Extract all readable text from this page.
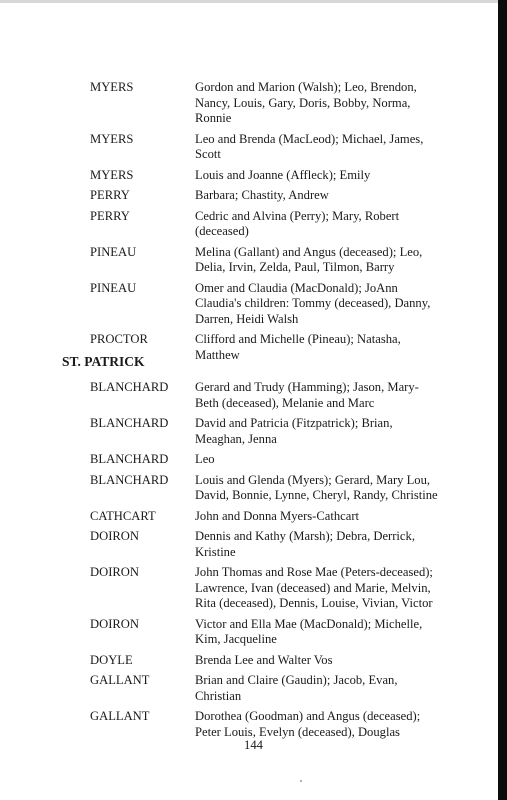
MYERS	Gordon and Marion (Walsh); Leo, Brendon,
Nancy, Louis, Gary, Doris, Bobby, Norma,
Ronnie
MYERS	Leo and Brenda (MacLeod); Michael, James,
Scott
MYERS	Louis and Joanne (Affleck); Emily
PERRY	Barbara; Chastity, Andrew
PERRY	Cedric and Alvina (Perry); Mary, Robert
(deceased)
PINEAU	Melina (Gallant) and Angus (deceased); Leo,
Delia, Irvin, Zelda, Paul, Tilmon, Barry
PINEAU	Omer and Claudia (MacDonald); JoAnn
Claudia's children: Tommy (deceased), Danny,
Darren, Heidi Walsh
PROCTOR	Clifford and Michelle (Pineau); Natasha,
Matthew
ST. PATRICK
BLANCHARD Gerard and Trudy (Hamming); Jason, Mary-
Beth (deceased), Melanie and Marc
BLANCHARD David and Patricia (Fitzpatrick); Brian,
Meaghan, Jenna
BLANCHARD Leo
BLANCHARD Louis and Glenda (Myers); Gerard, Mary Lou,
David, Bonnie, Lynne, Cheryl, Randy, Christine
CATHCART	John and Donna Myers-Cathcart
DOIRON	Dennis and Kathy (Marsh); Debra, Derrick,
Kristine
DOIRON	John Thomas and Rose Mae (Peters-deceased);
Lawrence, Ivan (deceased) and Marie, Melvin,
Rita (deceased), Dennis, Louise, Vivian, Victor
DOIRON	Victor and Ella Mae (MacDonald); Michelle,
Kim, Jacqueline
DOYLE	Brenda Lee and Walter Vos
GALLANT	Brian and Claire (Gaudin); Jacob, Evan,
Christian
GALLANT	Dorothea (Goodman) and Angus (deceased);
Peter Louis, Evelyn (deceased), Douglas
144
